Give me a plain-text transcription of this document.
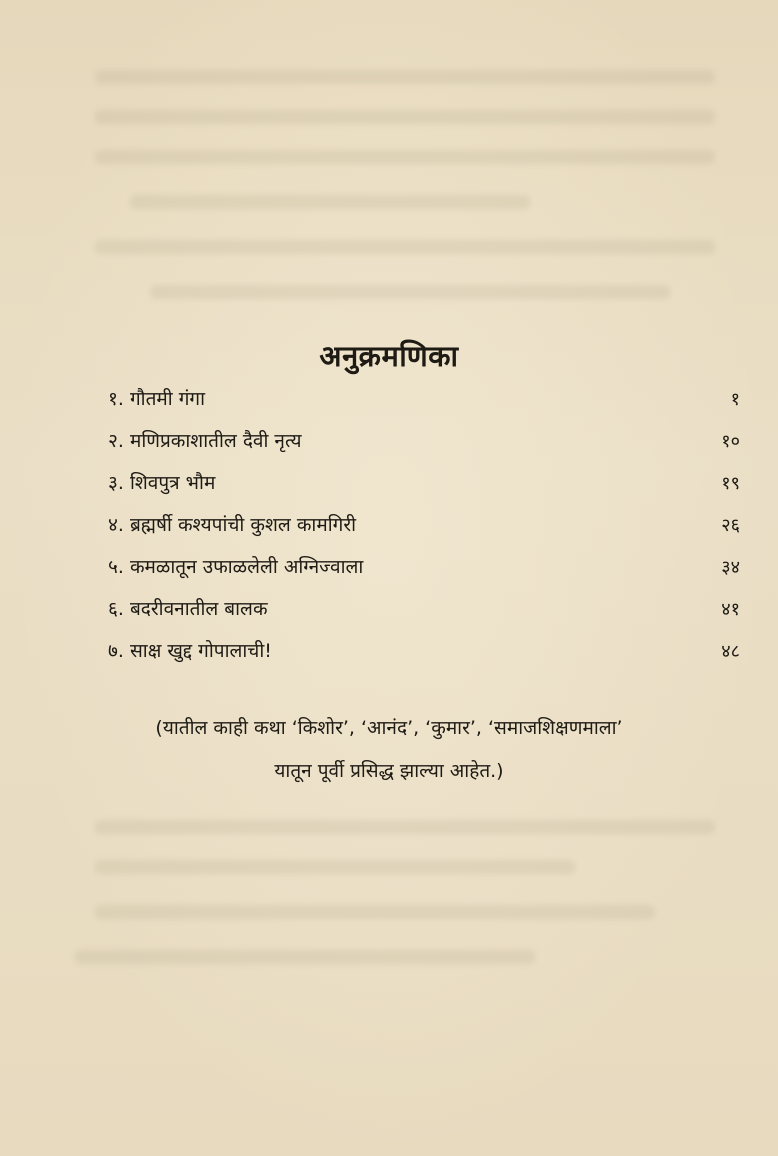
अनुक्रमणिका
१. गौतमी गंगा	१
२. मणिप्रकाशातील दैवी नृत्य	१०
३. शिवपुत्र भौम	१९
४. ब्रह्मर्षी कश्यपांची कुशल कामगिरी	२६
५. कमळातून उफाळलेली अग्निज्वाला	३४
६. बदरीवनातील बालक	४१
७. साक्ष खुद्द गोपालाची!	४८
(यातील काही कथा ‘किशोर’, ‘आनंद’, ‘कुमार’, ‘समाजशिक्षणमाला’
यातून पूर्वी प्रसिद्ध झाल्या आहेत.)
